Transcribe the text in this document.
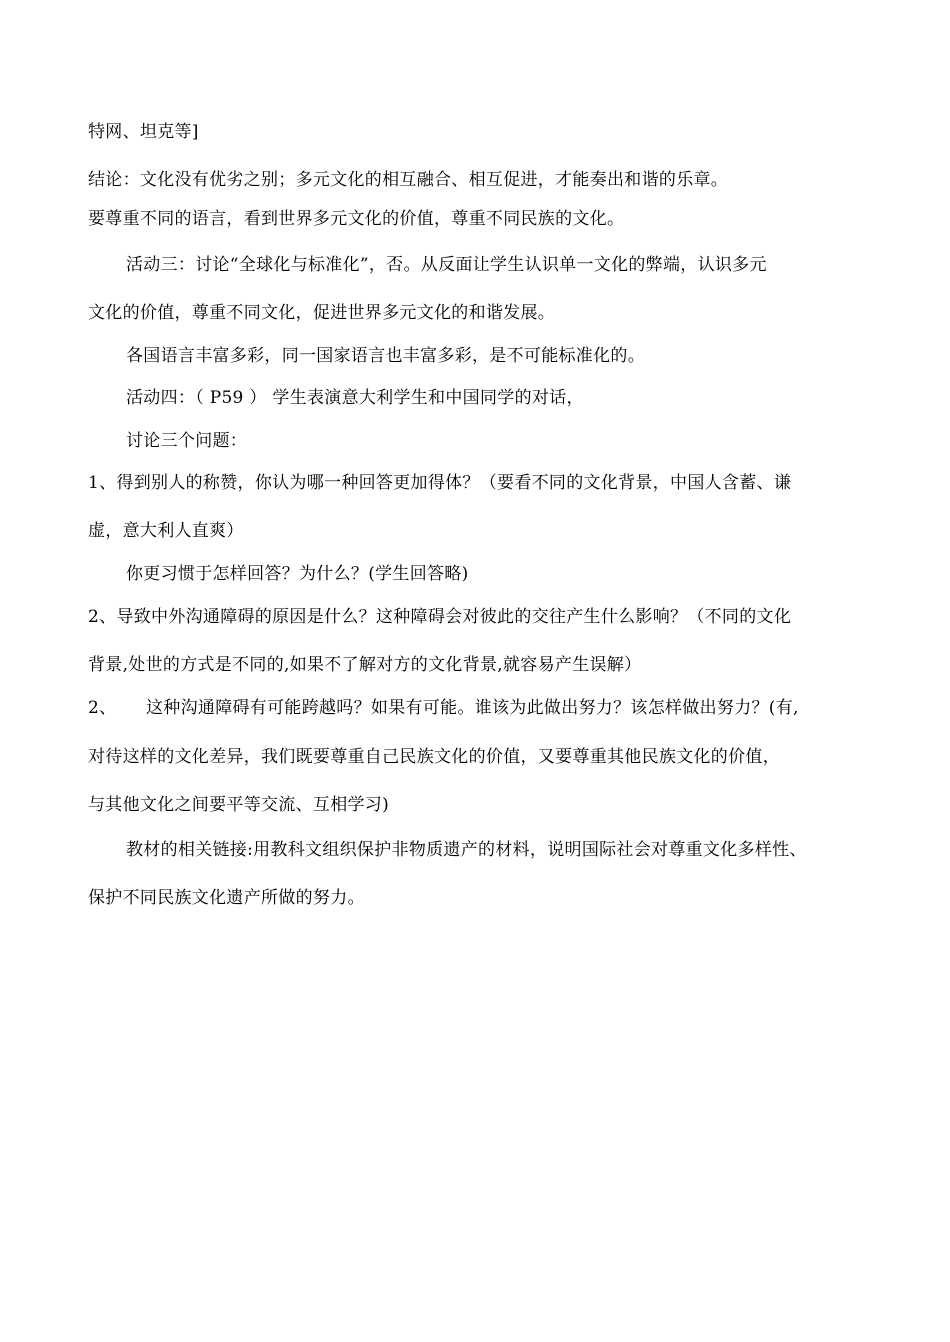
特网、坦克等]
结论：文化没有优劣之别；多元文化的相互融合、相互促进，才能奏出和谐的乐章。
要尊重不同的语言，看到世界多元文化的价值，尊重不同民族的文化。
活动三：讨论“全球化与标准化”，否。从反面让学生认识单一文化的弊端，认识多元
文化的价值，尊重不同文化，促进世界多元文化的和谐发展。
各国语言丰富多彩，同一国家语言也丰富多彩，是不可能标准化的。
活动四：（ P59 ） 学生表演意大利学生和中国同学的对话，
讨论三个问题：
1、得到别人的称赞，你认为哪一种回答更加得体？（要看不同的文化背景，中国人含蓄、谦
虚，意大利人直爽）
你更习惯于怎样回答？为什么？(学生回答略)
2、导致中外沟通障碍的原因是什么？这种障碍会对彼此的交往产生什么影响？（不同的文化
背景,处世的方式是不同的,如果不了解对方的文化背景,就容易产生误解）
2、 这种沟通障碍有可能跨越吗？如果有可能。谁该为此做出努力？该怎样做出努力？(有,
对待这样的文化差异，我们既要尊重自己民族文化的价值，又要尊重其他民族文化的价值，
与其他文化之间要平等交流、互相学习)
教材的相关链接:用教科文组织保护非物质遗产的材料，说明国际社会对尊重文化多样性、
保护不同民族文化遗产所做的努力。
